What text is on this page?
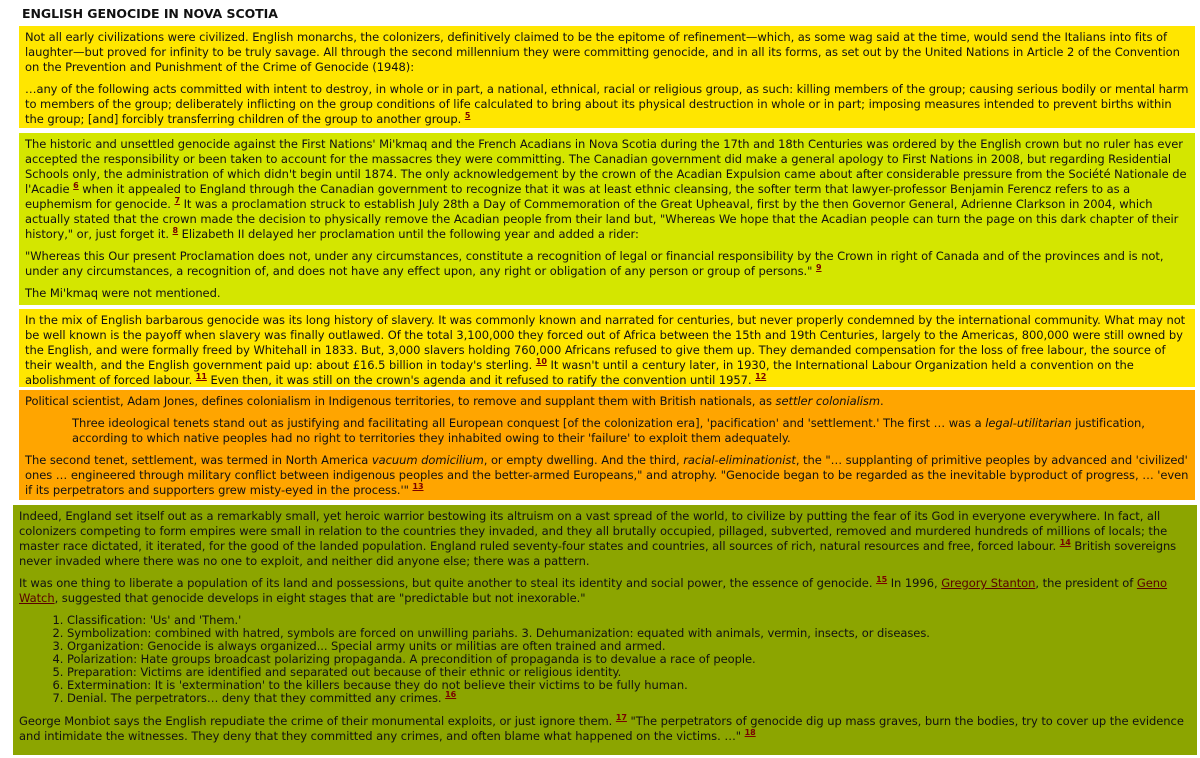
ENGLISH GENOCIDE IN NOVA SCOTIA

Not all early civilizations were civilized. English monarchs, the colonizers, definitively claimed to be the epitome of refinement—which, as some wag said at the time, would send the Italians into fits of laughter—but proved for infinity to be truly savage. All through the second millennium they were committing genocide, and in all its forms, as set out by the United Nations in Article 2 of the Convention on the Prevention and Punishment of the Crime of Genocide (1948):

…any of the following acts committed with intent to destroy, in whole or in part, a national, ethnical, racial or religious group, as such: killing members of the group; causing serious bodily or mental harm to members of the group; deliberately inflicting on the group conditions of life calculated to bring about its physical destruction in whole or in part; imposing measures intended to prevent births within the group; [and] forcibly transferring children of the group to another group. $^5$

The historic and unsettled genocide against the First Nations' Mi'kmaq and the French Acadians in Nova Scotia during the 17th and 18th Centuries was ordered by the English crown but no ruler has ever accepted the responsibility or been taken to account for the massacres they were committing. The Canadian government did make a general apology to First Nations in 2008, but regarding Residential Schools only, the administration of which didn't begin until 1874. The only acknowledgement by the crown of the Acadian Expulsion came about after considerable pressure from the Société Nationale de l'Acadie $^6$ when it appealed to England through the Canadian government to recognize that it was at least ethnic cleansing, the softer term that lawyer-professor Benjamin Ferencz refers to as a euphemism for genocide. $^7$ It was a proclamation struck to establish July 28th a Day of Commemoration of the Great Upheaval, first by the then Governor General, Adrienne Clarkson in 2004, which actually stated that the crown made the decision to physically remove the Acadian people from their land but, "Whereas We hope that the Acadian people can turn the page on this dark chapter of their history," or, just forget it. $^8$ Elizabeth II delayed her proclamation until the following year and added a rider:

"Whereas this Our present Proclamation does not, under any circumstances, constitute a recognition of legal or financial responsibility by the Crown in right of Canada and of the provinces and is not, under any circumstances, a recognition of, and does not have any effect upon, any right or obligation of any person or group of persons." $^9$

The Mi'kmaq were not mentioned.

In the mix of English barbarous genocide was its long history of slavery. It was commonly known and narrated for centuries, but never properly condemned by the international community. What may not be well known is the payoff when slavery was finally outlawed. Of the total 3,100,000 they forced out of Africa between the 15th and 19th Centuries, largely to the Americas, 800,000 were still owned by the English, and were formally freed by Whitehall in 1833. But, 3,000 slavers holding 760,000 Africans refused to give them up. They demanded compensation for the loss of free labour, the source of their wealth, and the English government paid up: about £16.5 billion in today's sterling. $^{10}$ It wasn't until a century later, in 1930, the International Labour Organization held a convention on the abolishment of forced labour. $^{11}$ Even then, it was still on the crown's agenda and it refused to ratify the convention until 1957. $^{12}$

Political scientist, Adam Jones, defines colonialism in Indigenous territories, to remove and supplant them with British nationals, as settler colonialism.

Three ideological tenets stand out as justifying and facilitating all European conquest [of the colonization era], 'pacification' and 'settlement.' The first … was a legal-utilitarian justification, according to which native peoples had no right to territories they inhabited owing to their 'failure' to exploit them adequately.

The second tenet, settlement, was termed in North America vacuum domicilium, or empty dwelling. And the third, racial-eliminationist, the "… supplanting of primitive peoples by advanced and 'civilized' ones … engineered through military conflict between indigenous peoples and the better-armed Europeans," and atrophy. "Genocide began to be regarded as the inevitable byproduct of progress, … 'even if its perpetrators and supporters grew misty-eyed in the process.'" $^{13}$

Indeed, England set itself out as a remarkably small, yet heroic warrior bestowing its altruism on a vast spread of the world, to civilize by putting the fear of its God in everyone everywhere. In fact, all colonizers competing to form empires were small in relation to the countries they invaded, and they all brutally occupied, pillaged, subverted, removed and murdered hundreds of millions of locals; the master race dictated, it iterated, for the good of the landed population. England ruled seventy-four states and countries, all sources of rich, natural resources and free, forced labour. $^{14}$ British sovereigns never invaded where there was no one to exploit, and neither did anyone else; there was a pattern.

It was one thing to liberate a population of its land and possessions, but quite another to steal its identity and social power, the essence of genocide. $^{15}$ In 1996, Gregory Stanton, the president of Geno Watch, suggested that genocide develops in eight stages that are "predictable but not inexorable."

1. Classification: 'Us' and 'Them.'
2. Symbolization: combined with hatred, symbols are forced on unwilling pariahs. 3. Dehumanization: equated with animals, vermin, insects, or diseases.
3. Organization: Genocide is always organized... Special army units or militias are often trained and armed.
4. Polarization: Hate groups broadcast polarizing propaganda. A precondition of propaganda is to devalue a race of people.
5. Preparation: Victims are identified and separated out because of their ethnic or religious identity.
6. Extermination: It is 'extermination' to the killers because they do not believe their victims to be fully human.
7. Denial. The perpetrators… deny that they committed any crimes. $^{16}$

George Monbiot says the English repudiate the crime of their monumental exploits, or just ignore them. $^{17}$ "The perpetrators of genocide dig up mass graves, burn the bodies, try to cover up the evidence and intimidate the witnesses. They deny that they committed any crimes, and often blame what happened on the victims. …" $^{18}$
